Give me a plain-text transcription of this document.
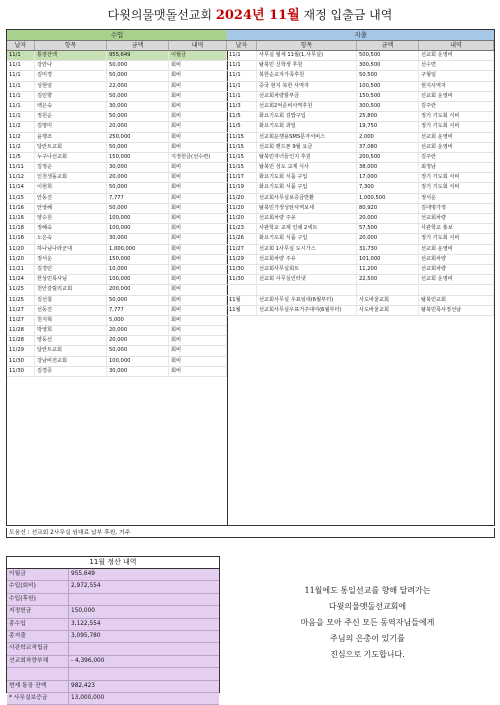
다윗의물맷돌선교회 2024년 11월 재정 입출금 내역
수입
날자	항목	금액	내역
11/1	통장잔액	955,649	이월금
11/1	강만나	50,000	회비
11/1	김미경	50,000	회비
11/1	성현임	22,000	회비
11/1	김민향	50,000	회비
11/1	백은숙	30,000	회비
11/1	정원순	50,000	회비
11/2	김명미	20,000	회비
11/2	윤행조	250,000	회비
11/2	달란트교회	50,000	회비
11/5	누구나선교회	150,000	지정헌금(선수련)
11/11	김정순	30,000	회비
11/12	인천생돌교회	20,000	회비
11/14	이현희	50,000	회비
11/15	안동진	7,777	회비
11/16	안영혜	50,000	회비
11/16	양승원	100,000	회비
11/18	정혜숙	100,000	회비
11/18	노은숙	30,000	회비
11/20	하나님나라군대	1,000,000	회비
11/20	정서운	150,000	회비
11/21	김경민	10,000	회비
11/24	한상민목사님	100,000	회비
11/25	천안갈릴리교회	200,000	회비
11/25	김선칠	50,000	회비
11/27	선동진	7,777	회비
11/27	천지혁	5,000	회비
11/28	박영희	20,000	회비
11/28	양동선	20,000	회비
11/29	달란트교회	50,000	회비
11/30	강남비전교회	100,000	회비
11/30	김경증	30,000	회비
지출
날자	항목	금액	내역
11/1	사무실 월세 11월(1,사무실)	500,500	선교회 운영비
11/1	탈북민 신학생 후원	300,500	선수면
11/1	북한순교자가족후원	50,500	구형일
11/1	중국 현지 북한 사역자	100,500	현지사역자
11/1	선교회차량할부금	150,500	선교회 운영비
11/3	선교회2억준비사역후원	300,500	김주란
11/5	화요기도회 김밥구입	25,800	정기 기도회 식비
11/5	화요기도회 과일	19,750	정기 기도회 식비
11/15	선교회운행용SMS문자서비스	2,000	선교회 운영비
11/15	선교회 핸드폰 9월 요금	37,080	선교회 운영비
11/15	탈북민자녀들인지 후원	200,500	김주란
11/15	탈북민 성도 교제 식사	38,000	최정남
11/17	화요기도회 식품 구입	17,000	정기 기도회 식비
11/19	화요기도회 식품 구입	7,300	정기 기도회 식비
11/20	선교회사무실보증금반환	1,000,500	정서운
11/20	탈북민가정성탄사역보세	80,920	김대명가정
11/20	선교회차량 주유	20,000	선교회차량
11/23	사관학교 교재 인쇄 2세트	57,500	사관학교 홍보
11/26	화요기도회 식품 구입	20,000	정기 기도회 식비
11/27	선교회 1사무실 도시가스	31,730	선교회 운영비
11/29	선교회차량 주유	101,000	선교회차량
11/30	선교회사무실회트	11,200	선교회차량
11/30	선교회 사무실인터넷	22,500	선교회 운영비
11월	선교회사무실 우표임대(6월부터)	사도바울교회	탈북민교회
11월	선교회사무실우표거주대여(6월부터)	사도바울교회	탈북민목사정선남
도움선 : 선교회 2사무실 임대료 납부 후원, 거주
11월 정산 내역
이월금	955,649
수입(회비)	2,972,554
수입(후원)
지정헌금	150,000
총수입	3,122,554
총지출	3,095,780
사관학교적립금
선교회차량부채	- 4,396,000
현재 통장 잔액	982,423
* 사무실보증금	13,000,000
11월에도 통일선교를 향해 달려가는
다윗의물맷돌선교회에
마음을 모아 주신 모든 동역자님들에게
주님의 은총이 있기를
진심으로 기도합니다.
